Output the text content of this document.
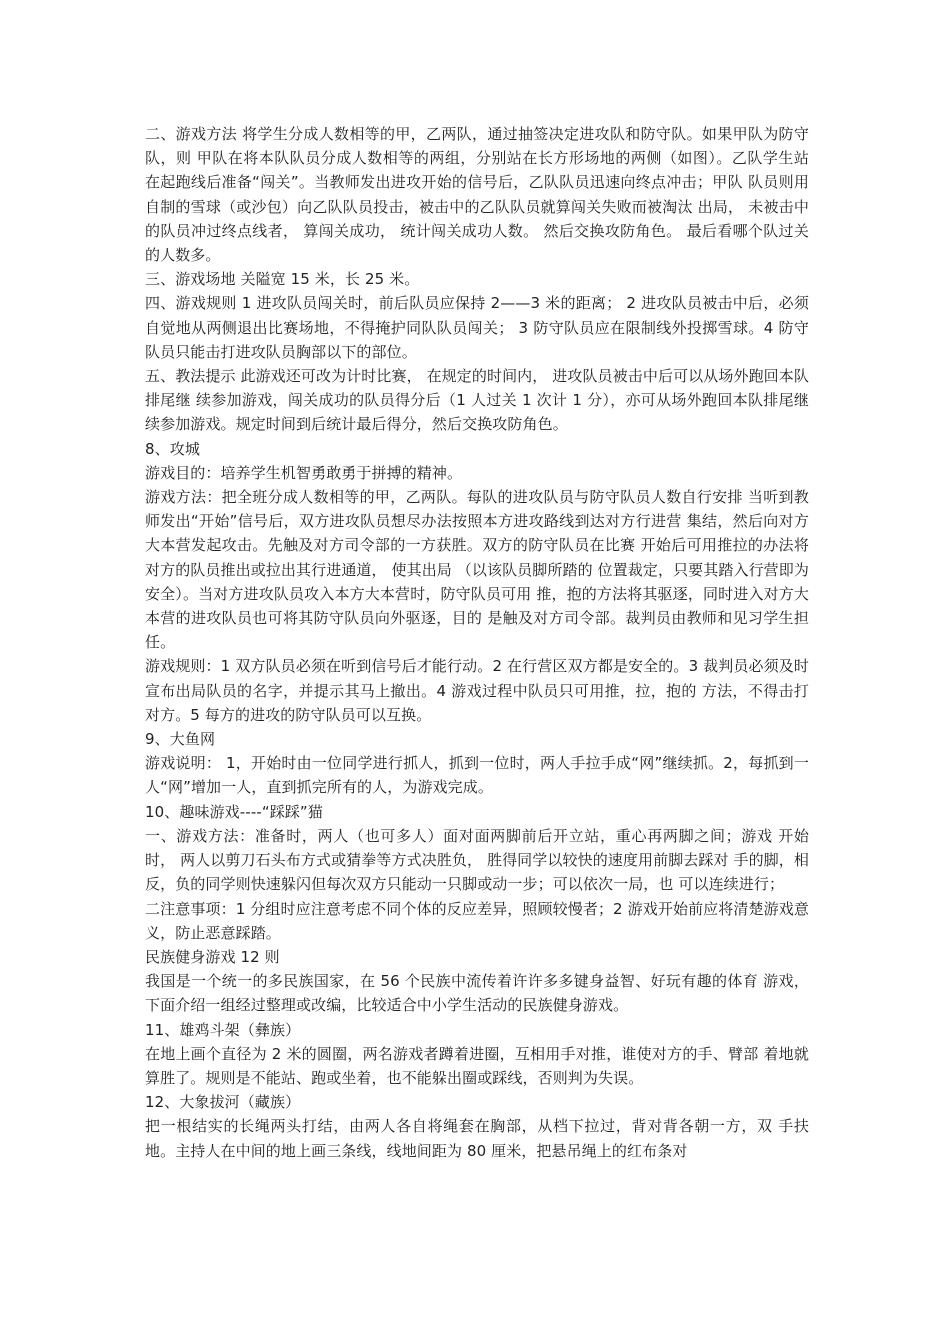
二、游戏方法 将学生分成人数相等的甲，乙两队，通过抽签决定进攻队和防守队。如果甲队为防守队，则 甲队在将本队队员分成人数相等的两组，分别站在长方形场地的两侧（如图）。乙队学生站 在起跑线后准备“闯关”。当教师发出进攻开始的信号后，乙队队员迅速向终点冲击；甲队 队员则用自制的雪球（或沙包）向乙队队员投击，被击中的乙队队员就算闯关失败而被淘汰 出局， 未被击中的队员冲过终点线者， 算闯关成功， 统计闯关成功人数。 然后交换攻防角色。 最后看哪个队过关的人数多。

三、游戏场地 关隘宽 15 米，长 25 米。

四、游戏规则 1 进攻队员闯关时，前后队员应保持 2——3 米的距离； 2 进攻队员被击中后，必须自觉地从两侧退出比赛场地，不得掩护同队队员闯关； 3 防守队员应在限制线外投掷雪球。4 防守队员只能击打进攻队员胸部以下的部位。

五、教法提示 此游戏还可改为计时比赛， 在规定的时间内， 进攻队员被击中后可以从场外跑回本队排尾继 续参加游戏，闯关成功的队员得分后（1 人过关 1 次计 1 分），亦可从场外跑回本队排尾继 续参加游戏。规定时间到后统计最后得分，然后交换攻防角色。

8、攻城

游戏目的：培养学生机智勇敢勇于拼搏的精神。

游戏方法：把全班分成人数相等的甲，乙两队。每队的进攻队员与防守队员人数自行安排 当听到教师发出“开始”信号后，双方进攻队员想尽办法按照本方进攻路线到达对方行进营 集结，然后向对方大本营发起攻击。先触及对方司令部的一方获胜。双方的防守队员在比赛 开始后可用推拉的办法将对方的队员推出或拉出其行进通道， 使其出局 （以该队员脚所踏的 位置裁定，只要其踏入行营即为安全）。当对方进攻队员攻入本方大本营时，防守队员可用 推，抱的方法将其驱逐，同时进入对方大本营的进攻队员也可将其防守队员向外驱逐，目的 是触及对方司令部。裁判员由教师和见习学生担任。

游戏规则：1 双方队员必须在听到信号后才能行动。2 在行营区双方都是安全的。3 裁判员必须及时宣布出局队员的名字，并提示其马上撤出。4 游戏过程中队员只可用推，拉，抱的 方法，不得击打对方。5 每方的进攻的防守队员可以互换。

9、大鱼网

游戏说明： 1，开始时由一位同学进行抓人，抓到一位时，两人手拉手成“网”继续抓。2，每抓到一人“网”增加一人，直到抓完所有的人，为游戏完成。

10、趣味游戏----“踩踩”猫

一、游戏方法：准备时，两人（也可多人）面对面两脚前后开立站，重心再两脚之间；游戏 开始时， 两人以剪刀石头布方式或猜拳等方式决胜负， 胜得同学以较快的速度用前脚去踩对 手的脚，相反，负的同学则快速躲闪但每次双方只能动一只脚或动一步；可以依次一局，也 可以连续进行；

二注意事项：1 分组时应注意考虑不同个体的反应差异，照顾较慢者；2 游戏开始前应将清楚游戏意义，防止恶意踩踏。

民族健身游戏 12 则

我国是一个统一的多民族国家，在 56 个民族中流传着许许多多键身益智、好玩有趣的体育 游戏，下面介绍一组经过整理或改编，比较适合中小学生活动的民族健身游戏。

11、雄鸡斗架（彝族）

在地上画个直径为 2 米的圆圈，两名游戏者蹲着进圈，互相用手对推，谁使对方的手、臂部 着地就算胜了。规则是不能站、跑或坐着，也不能躲出圈或踩线，否则判为失误。

12、大象拔河（藏族）

把一根结实的长绳两头打结，由两人各自将绳套在胸部，从档下拉过，背对背各朝一方，双 手扶地。主持人在中间的地上画三条线，线地间距为 80 厘米，把悬吊绳上的红布条对
